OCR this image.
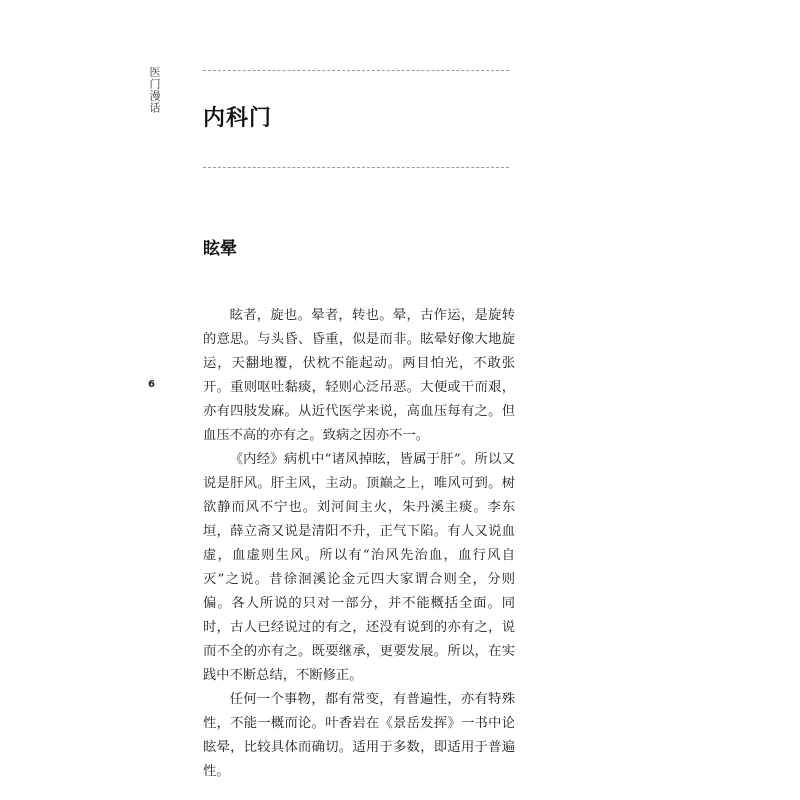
医门漫话
6
内科门
眩晕

眩者，旋也。晕者，转也。晕，古作运，是旋转的意思。与头昏、昏重，似是而非。眩晕好像大地旋运，天翻地覆，伏枕不能起动。两目怕光，不敢张开。重则呕吐黏痰，轻则心泛吊恶。大便或干而艰，亦有四肢发麻。从近代医学来说，高血压每有之。但血压不高的亦有之。致病之因亦不一。

《内经》病机中“诸风掉眩，皆属于肝”。所以又说是肝风。肝主风，主动。顶巅之上，唯风可到。树欲静而风不宁也。刘河间主火，朱丹溪主痰。李东垣，薛立斋又说是清阳不升，正气下陷。有人又说血虚，血虚则生风。所以有“治风先治血，血行风自灭”之说。昔徐洄溪论金元四大家谓合则全，分则偏。各人所说的只对一部分，并不能概括全面。同时，古人已经说过的有之，还没有说到的亦有之，说而不全的亦有之。既要继承，更要发展。所以，在实践中不断总结，不断修正。

任何一个事物，都有常变，有普遍性，亦有特殊性，不能一概而论。叶香岩在《景岳发挥》一书中论眩晕，比较具体而确切。适用于多数，即适用于普遍性。
